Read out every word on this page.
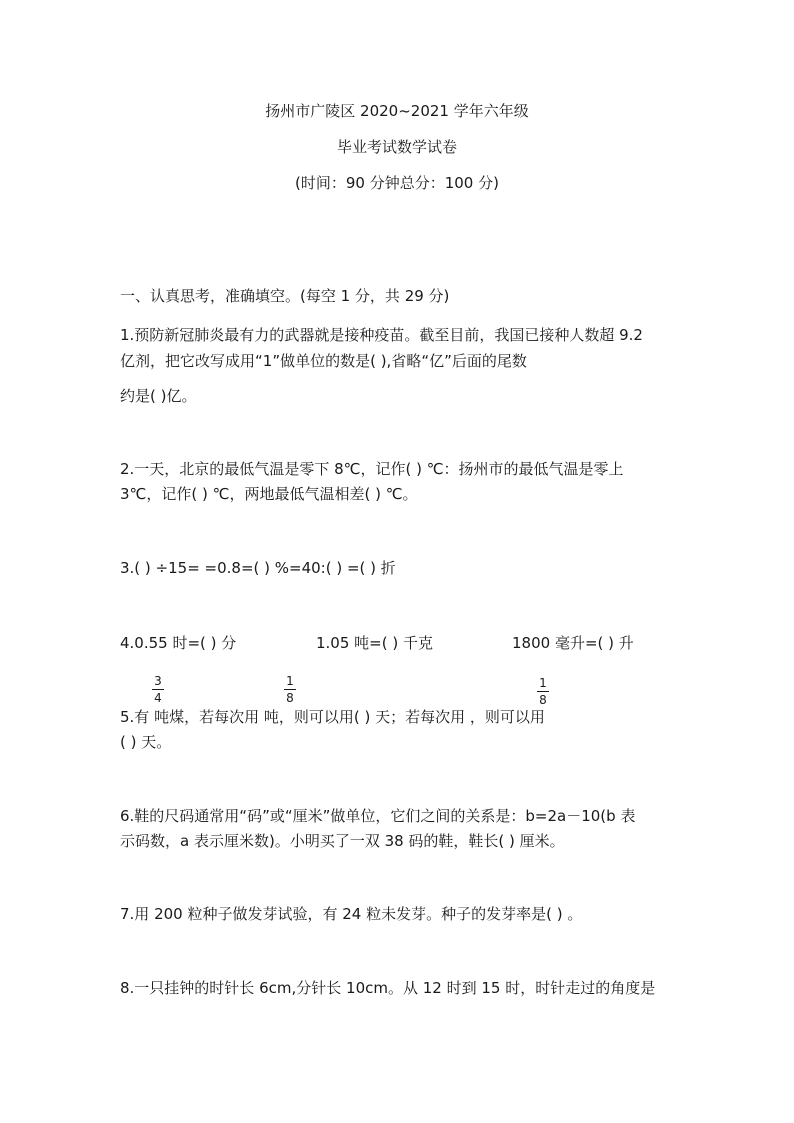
扬州市广陵区 2020~2021 学年六年级
毕业考试数学试卷
(时间：90 分钟总分：100 分)
一、认真思考，准确填空。(每空 1 分，共 29 分)
1.预防新冠肺炎最有力的武器就是接种疫苗。截至目前，我国已接种人数超 9.2
亿剂，把它改写成用“1”做单位的数是( ),省略“亿”后面的尾数
约是( )亿。
2.一天，北京的最低气温是零下 8℃，记作( ) ℃：扬州市的最低气温是零上
3℃，记作( ) ℃，两地最低气温相差( ) ℃。
3.( ) ÷15= =0.8=( ) %=40:( ) =( ) 折
4.0.55 时=( ) 分	1.05 吨=( ) 千克	1800 毫升=( ) 升
3
4
1
8
1
8
5.有 吨煤，若每次用 吨，则可以用( ) 天；若每次用 ，则可以用
( ) 天。
6.鞋的尺码通常用“码”或“厘米”做单位，它们之间的关系是：b=2a－10(b 表
示码数，a 表示厘米数)。小明买了一双 38 码的鞋，鞋长( ) 厘米。
7.用 200 粒种子做发芽试验，有 24 粒未发芽。种子的发芽率是( ) 。
8.一只挂钟的时针长 6cm,分针长 10cm。从 12 时到 15 时，时针走过的角度是
